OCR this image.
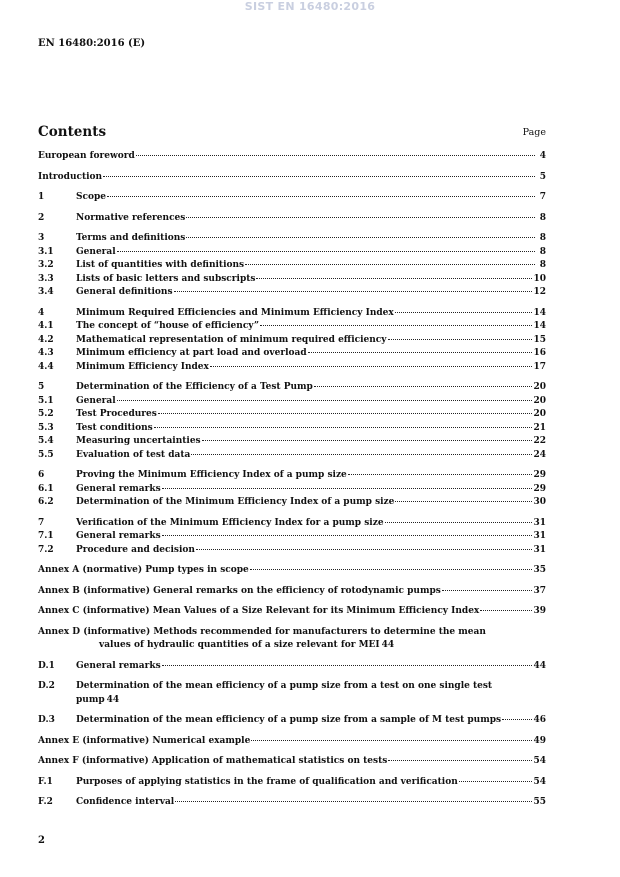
SIST EN 16480:2016
EN 16480:2016 (E)
Contents	Page
European foreword	4
Introduction	5
1	Scope	7
2	Normative references	8
3	Terms and definitions	8
3.1	General	8
3.2	List of quantities with definitions	8
3.3	Lists of basic letters and subscripts	10
3.4	General definitions	12
4	Minimum Required Efficiencies and Minimum Efficiency Index	14
4.1	The concept of “house of efficiency”	14
4.2	Mathematical representation of minimum required efficiency	15
4.3	Minimum efficiency at part load and overload	16
4.4	Minimum Efficiency Index	17
5	Determination of the Efficiency of a Test Pump	20
5.1	General	20
5.2	Test Procedures	20
5.3	Test conditions	21
5.4	Measuring uncertainties	22
5.5	Evaluation of test data	24
6	Proving the Minimum Efficiency Index of a pump size	29
6.1	General remarks	29
6.2	Determination of the Minimum Efficiency Index of a pump size	30
7	Verification of the Minimum Efficiency Index for a pump size	31
7.1	General remarks	31
7.2	Procedure and decision	31
Annex A (normative) Pump types in scope	35
Annex B (informative) General remarks on the efficiency of rotodynamic pumps	37
Annex C (informative) Mean Values of a Size Relevant for its Minimum Efficiency Index	39
Annex D (informative) Methods recommended for manufacturers to determine the mean
values of hydraulic quantities of a size relevant for MEI 44
D.1	General remarks	44
D.2	Determination of the mean efficiency of a pump size from a test on one single test
pump 44
D.3	Determination of the mean efficiency of a pump size from a sample of M test pumps	46
Annex E (informative) Numerical example	49
Annex F (informative) Application of mathematical statistics on tests	54
F.1	Purposes of applying statistics in the frame of qualification and verification	54
F.2	Confidence interval	55
2
